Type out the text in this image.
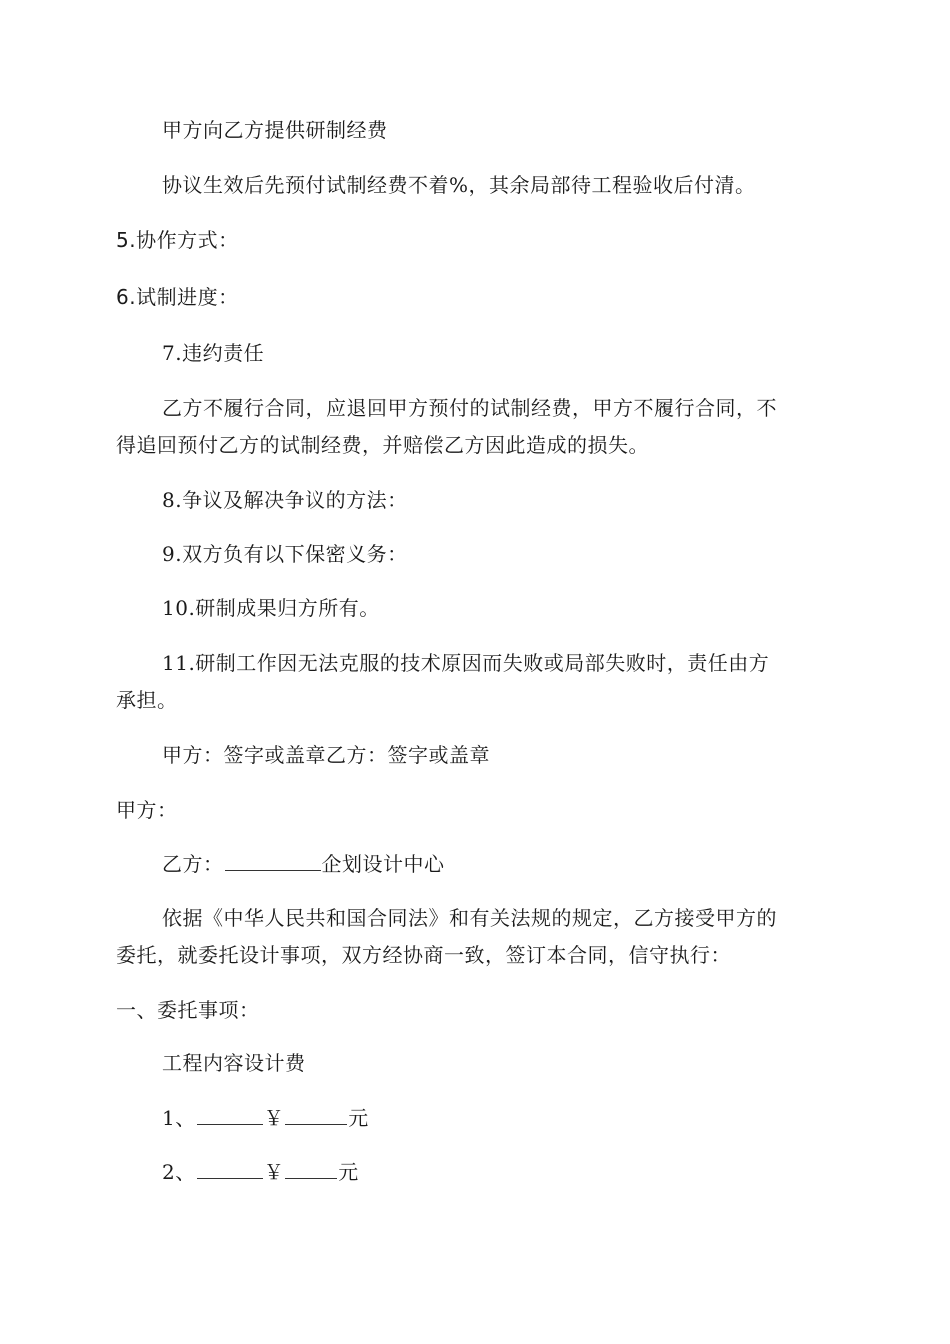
甲方向乙方提供研制经费
协议生效后先预付试制经费不着%，其余局部待工程验收后付清。
5.协作方式：
6.试制进度：
7.违约责任
乙方不履行合同，应退回甲方预付的试制经费，甲方不履行合同，不
得追回预付乙方的试制经费，并赔偿乙方因此造成的损失。
8.争议及解决争议的方法：
9.双方负有以下保密义务：
10.研制成果归方所有。
11.研制工作因无法克服的技术原因而失败或局部失败时，责任由方
承担。
甲方：签字或盖章乙方：签字或盖章
甲方：
乙方：	企划设计中心
依据《中华人民共和国合同法》和有关法规的规定，乙方接受甲方的
委托，就委托设计事项，双方经协商一致，签订本合同，信守执行：
一、委托事项：
工程内容设计费
1、	￥	元
2、	￥	元
